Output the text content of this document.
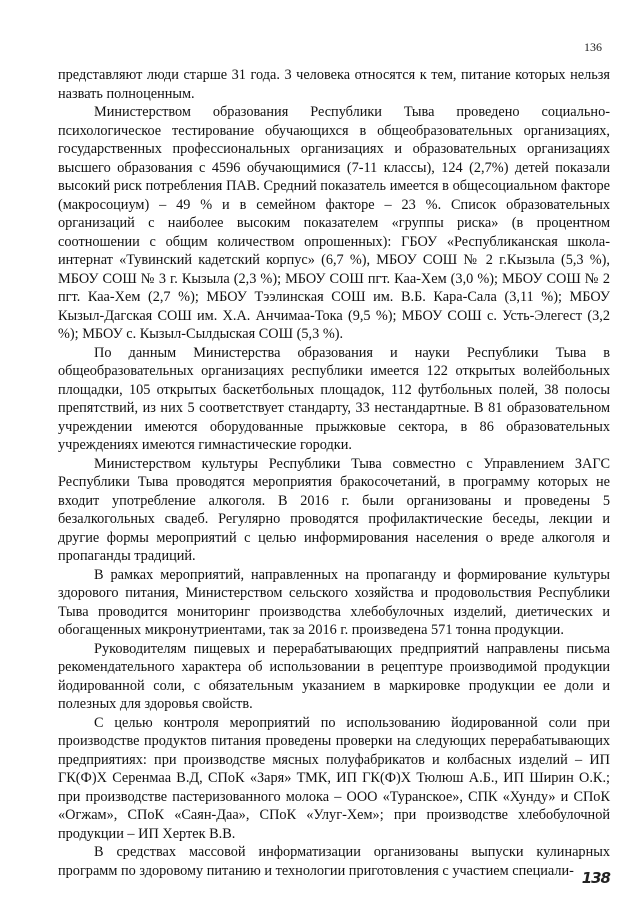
136

представляют люди старше 31 года. 3 человека относятся к тем, питание которых нельзя назвать полноценным.

Министерством образования Республики Тыва проведено социально-психологическое тестирование обучающихся в общеобразовательных организациях, государственных профессиональных организациях и образовательных организациях высшего образования с 4596 обучающимися (7-11 классы), 124 (2,7%) детей показали высокий риск потребления ПАВ. Средний показатель имеется в общесоциальном факторе (макросоциум) – 49 % и в семейном факторе – 23 %. Список образовательных организаций с наиболее высоким показателем «группы риска» (в процентном соотношении с общим количеством опрошенных): ГБОУ «Республиканская школа-интернат «Тувинский кадетский корпус» (6,7 %), МБОУ СОШ № 2 г.Кызыла (5,3 %), МБОУ СОШ № 3 г. Кызыла (2,3 %); МБОУ СОШ пгт. Каа-Хем (3,0 %); МБОУ СОШ № 2 пгт. Каа-Хем (2,7 %); МБОУ Тээлинская СОШ им. В.Б. Кара-Сала (3,11 %); МБОУ Кызыл-Дагская СОШ им. Х.А. Анчимаа-Тока (9,5 %); МБОУ СОШ с. Усть-Элегест (3,2 %); МБОУ с. Кызыл-Сылдыская СОШ (5,3 %).

По данным Министерства образования и науки Республики Тыва в общеобразовательных организациях республики имеется 122 открытых волейбольных площадки, 105 открытых баскетбольных площадок, 112 футбольных полей, 38 полосы препятствий, из них 5 соответствует стандарту, 33 нестандартные. В 81 образовательном учреждении имеются оборудованные прыжковые сектора, в 86 образовательных учреждениях имеются гимнастические городки.

Министерством культуры Республики Тыва совместно с Управлением ЗАГС Республики Тыва проводятся мероприятия бракосочетаний, в программу которых не входит употребление алкоголя. В 2016 г. были организованы и проведены 5 безалкогольных свадеб. Регулярно проводятся профилактические беседы, лекции и другие формы мероприятий с целью информирования населения о вреде алкоголя и пропаганды традиций.

В рамках мероприятий, направленных на пропаганду и формирование культуры здорового питания, Министерством сельского хозяйства и продовольствия Республики Тыва проводится мониторинг производства хлебобулочных изделий, диетических и обогащенных микронутриентами, так за 2016 г. произведена 571 тонна продукции.

Руководителям пищевых и перерабатывающих предприятий направлены письма рекомендательного характера об использовании в рецептуре производимой продукции йодированной соли, с обязательным указанием в маркировке продукции ее доли и полезных для здоровья свойств.

С целью контроля мероприятий по использованию йодированной соли при производстве продуктов питания проведены проверки на следующих перерабатывающих предприятиях: при производстве мясных полуфабрикатов и колбасных изделий – ИП ГК(Ф)Х Серенмаа В.Д, СПоК «Заря» ТМК, ИП ГК(Ф)Х Тюлюш А.Б., ИП Ширин О.К.; при производстве пастеризованного молока – ООО «Туранское», СПК «Хунду» и СПоК «Огжам», СПоК «Саян-Даа», СПоК «Улуг-Хем»; при производстве хлебобулочной продукции – ИП Хертек В.В.

В средствах массовой информатизации организованы выпуски кулинарных программ по здоровому питанию и технологии приготовления с участием специали- 138
